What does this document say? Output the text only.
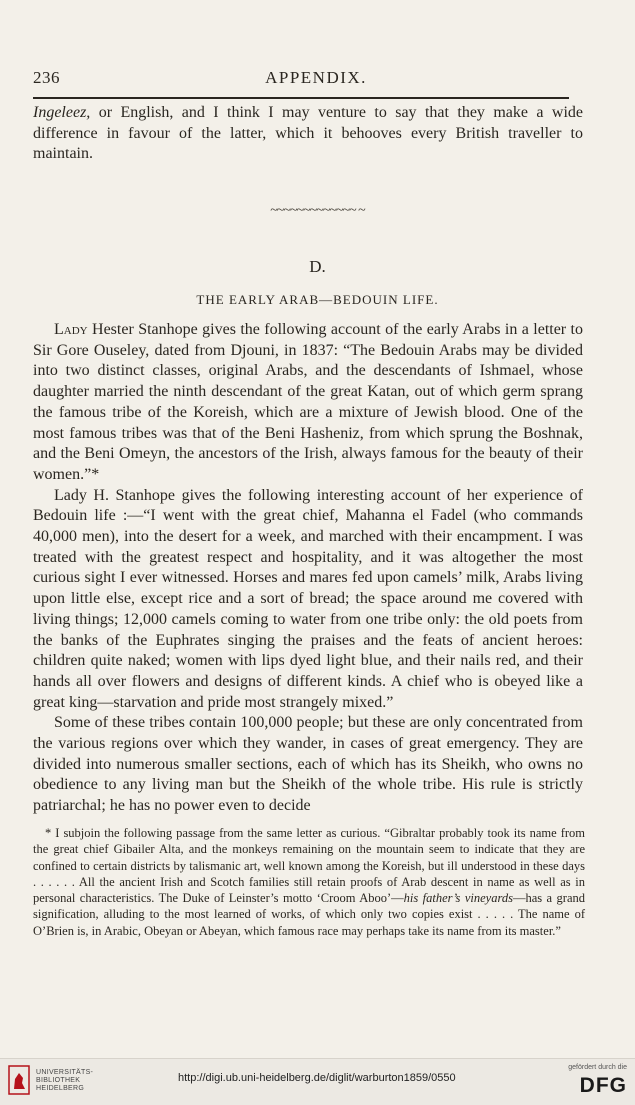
236	APPENDIX.

Ingeleez, or English, and I think I may venture to say that they make a wide difference in favour of the latter, which it behooves every British traveller to maintain.

~~~~~~~~~~~~~ ~
D.
THE EARLY ARAB—BEDOUIN LIFE.

Lady Hester Stanhope gives the following account of the early Arabs in a letter to Sir Gore Ouseley, dated from Djouni, in 1837: “The Bedouin Arabs may be divided into two distinct classes, original Arabs, and the descendants of Ishmael, whose daughter married the ninth descendant of the great Katan, out of which germ sprang the famous tribe of the Koreish, which are a mixture of Jewish blood. One of the most famous tribes was that of the Beni Hasheniz, from which sprung the Boshnak, and the Beni Omeyn, the ancestors of the Irish, always famous for the beauty of their women.”*

Lady H. Stanhope gives the following interesting account of her experience of Bedouin life :—“I went with the great chief, Mahanna el Fadel (who commands 40,000 men), into the desert for a week, and marched with their encampment. I was treated with the greatest respect and hospitality, and it was altogether the most curious sight I ever witnessed. Horses and mares fed upon camels’ milk, Arabs living upon little else, except rice and a sort of bread; the space around me covered with living things; 12,000 camels coming to water from one tribe only: the old poets from the banks of the Euphrates singing the praises and the feats of ancient heroes: children quite naked; women with lips dyed light blue, and their nails red, and their hands all over flowers and designs of different kinds. A chief who is obeyed like a great king—starvation and pride most strangely mixed.”

Some of these tribes contain 100,000 people; but these are only concentrated from the various regions over which they wander, in cases of great emergency. They are divided into numerous smaller sections, each of which has its Sheikh, who owns no obedience to any living man but the Sheikh of the whole tribe. His rule is strictly patriarchal; he has no power even to decide

* I subjoin the following passage from the same letter as curious. “Gibraltar probably took its name from the great chief Gibailer Alta, and the monkeys remaining on the mountain seem to indicate that they are confined to certain districts by talismanic art, well known among the Koreish, but ill understood in these days . . . . . . All the ancient Irish and Scotch families still retain proofs of Arab descent in name as well as in personal characteristics. The Duke of Leinster’s motto ‘Croom Aboo’—his father’s vineyards—has a grand signification, alluding to the most learned of works, of which only two copies exist . . . . . The name of O’Brien is, in Arabic, Obeyan or Abeyan, which famous race may perhaps take its name from its master.”

UNIVERSITÄTS-
BIBLIOTHEK
HEIDELBERG
http://digi.ub.uni-heidelberg.de/diglit/warburton1859/0550
gefördert durch die
DFG
